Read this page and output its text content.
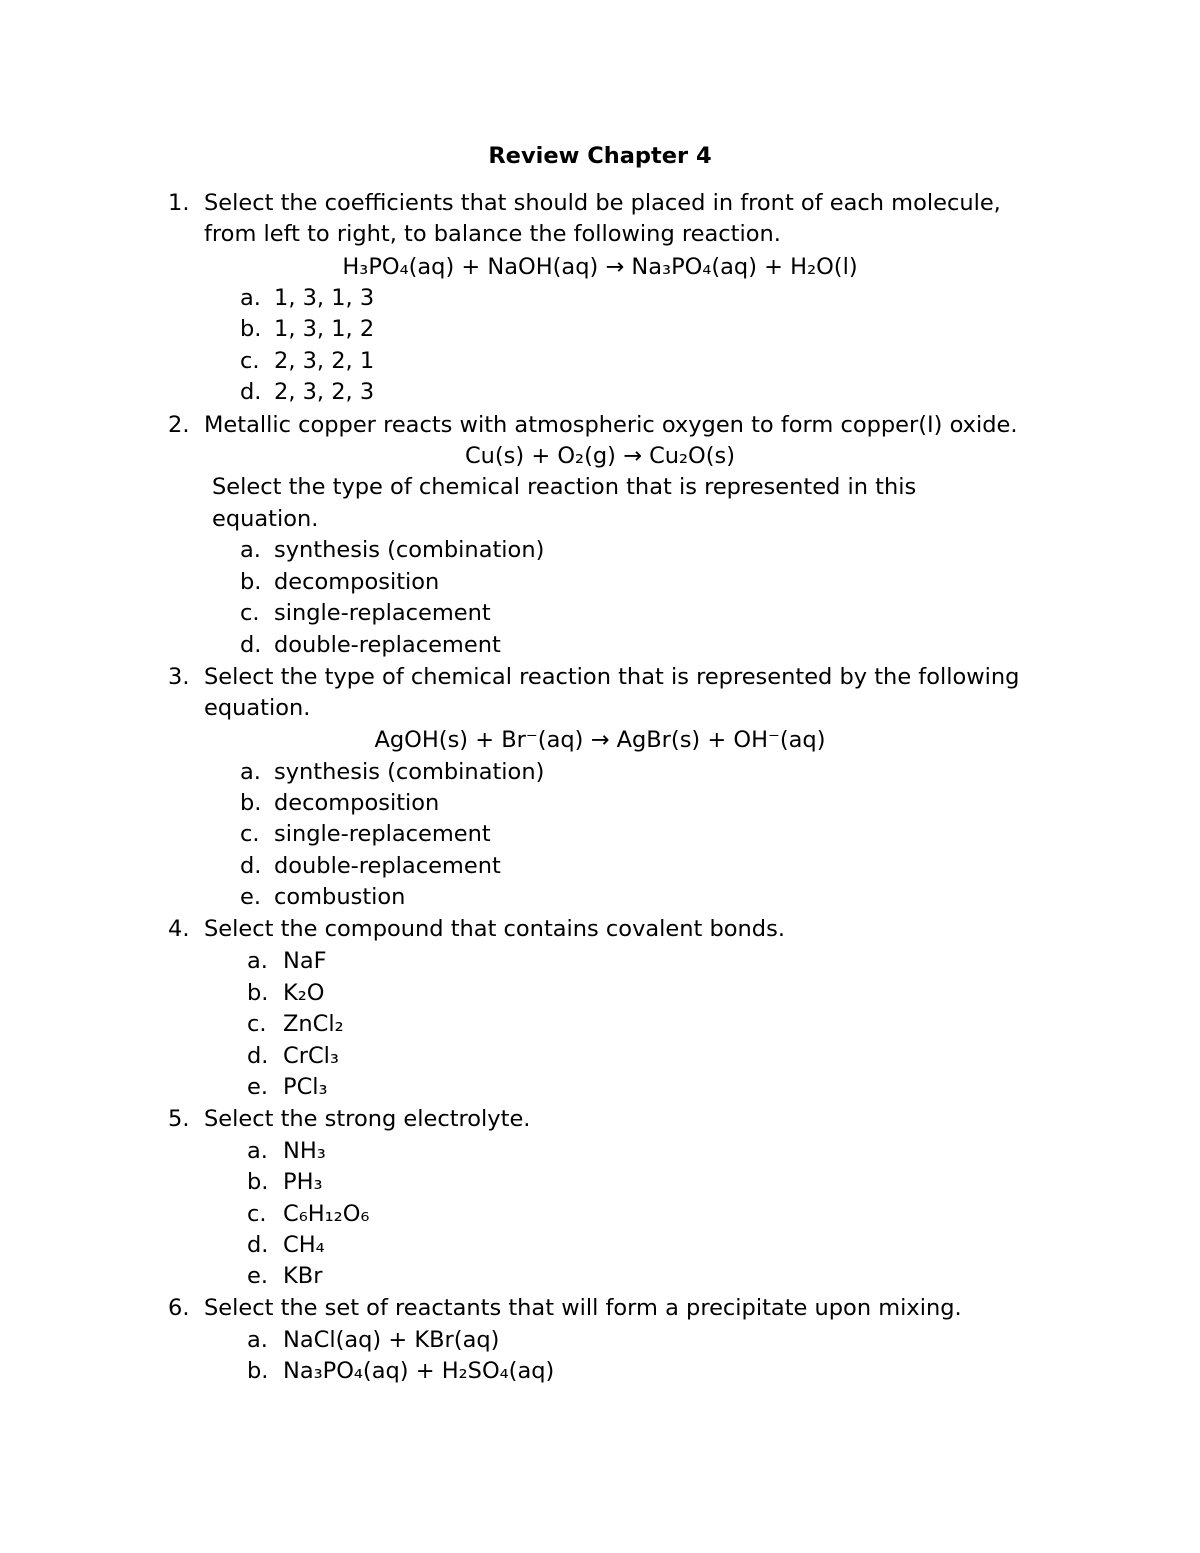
Review Chapter 4
1. Select the coefficients that should be placed in front of each molecule,
from left to right, to balance the following reaction.
H₃PO₄(aq) + NaOH(aq) → Na₃PO₄(aq) + H₂O(l)
a. 1, 3, 1, 3
b. 1, 3, 1, 2
c. 2, 3, 2, 1
d. 2, 3, 2, 3
2. Metallic copper reacts with atmospheric oxygen to form copper(I) oxide.
Cu(s) + O₂(g) → Cu₂O(s)
Select the type of chemical reaction that is represented in this
equation.
a. synthesis (combination)
b. decomposition
c. single-replacement
d. double-replacement
3. Select the type of chemical reaction that is represented by the following
equation.
AgOH(s) + Br⁻(aq) → AgBr(s) + OH⁻(aq)
a. synthesis (combination)
b. decomposition
c. single-replacement
d. double-replacement
e. combustion
4. Select the compound that contains covalent bonds.
a. NaF
b. K₂O
c. ZnCl₂
d. CrCl₃
e. PCl₃
5. Select the strong electrolyte.
a. NH₃
b. PH₃
c. C₆H₁₂O₆
d. CH₄
e. KBr
6. Select the set of reactants that will form a precipitate upon mixing.
a. NaCl(aq) + KBr(aq)
b. Na₃PO₄(aq) + H₂SO₄(aq)
